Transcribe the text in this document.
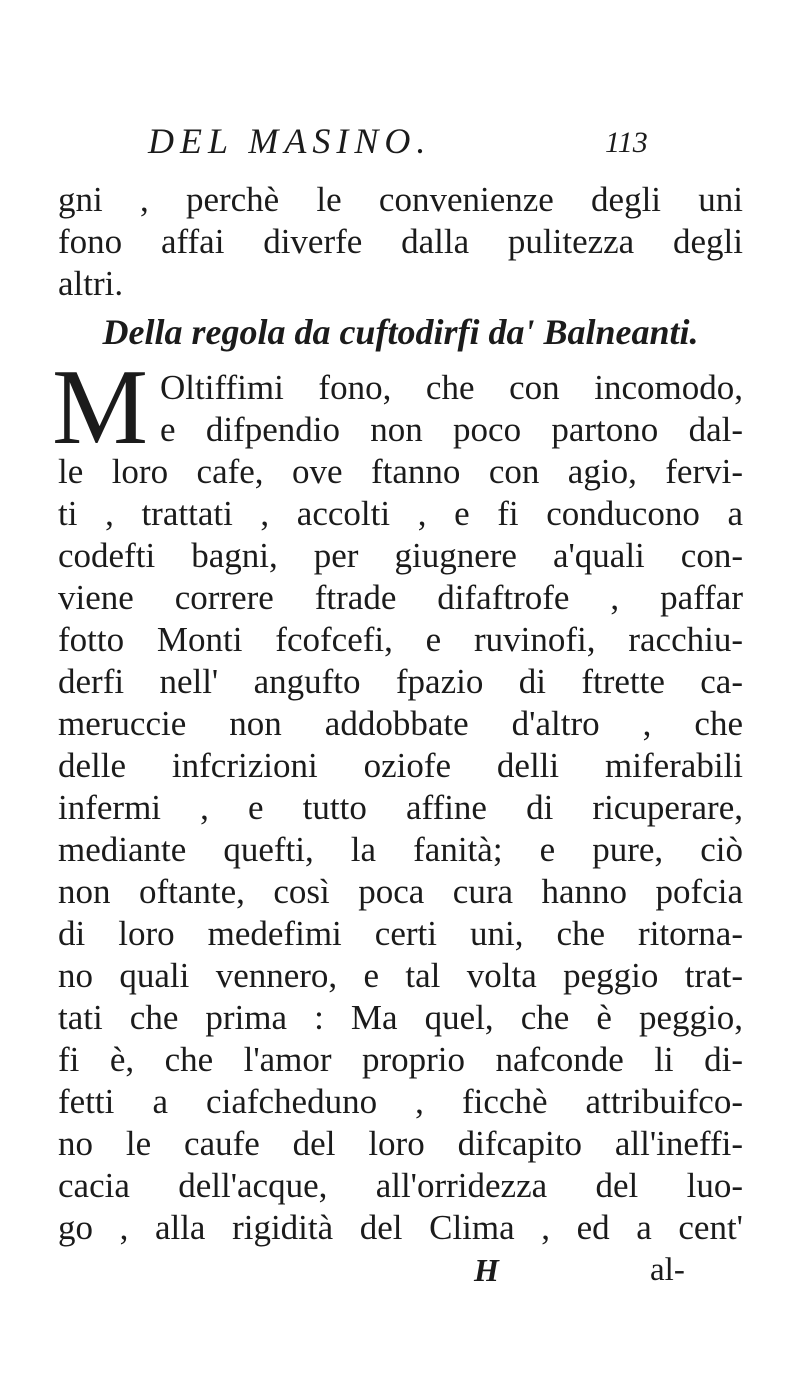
DEL MASINO.	113
gni , perchè le convenienze degli uni
fono affai diverfe dalla pulitezza degli
altri.
Della regola da cuftodirfi da' Balneanti.
M Oltiffimi fono, che con incomodo,
e difpendio non poco partono dal-
le loro cafe, ove ftanno con agio, fervi-
ti , trattati , accolti , e fi conducono a
codefti bagni, per giugnere a'quali con-
viene correre ftrade difaftrofe , paffar
fotto Monti fcofcefi, e ruvinofi, racchiu-
derfi nell' angufto fpazio di ftrette ca-
meruccie non addobbate d'altro , che
delle infcrizioni oziofe delli miferabili
infermi , e tutto affine di ricuperare,
mediante quefti, la fanità; e pure, ciò
non oftante, così poca cura hanno pofcia
di loro medefimi certi uni, che ritorna-
no quali vennero, e tal volta peggio trat-
tati che prima : Ma quel, che è peggio,
fi è, che l'amor proprio nafconde li di-
fetti a ciafcheduno , ficchè attribuifco-
no le caufe del loro difcapito all'ineffi-
cacia dell'acque, all'orridezza del luo-
go , alla rigidità del Clima , ed a cent'
H	al-
